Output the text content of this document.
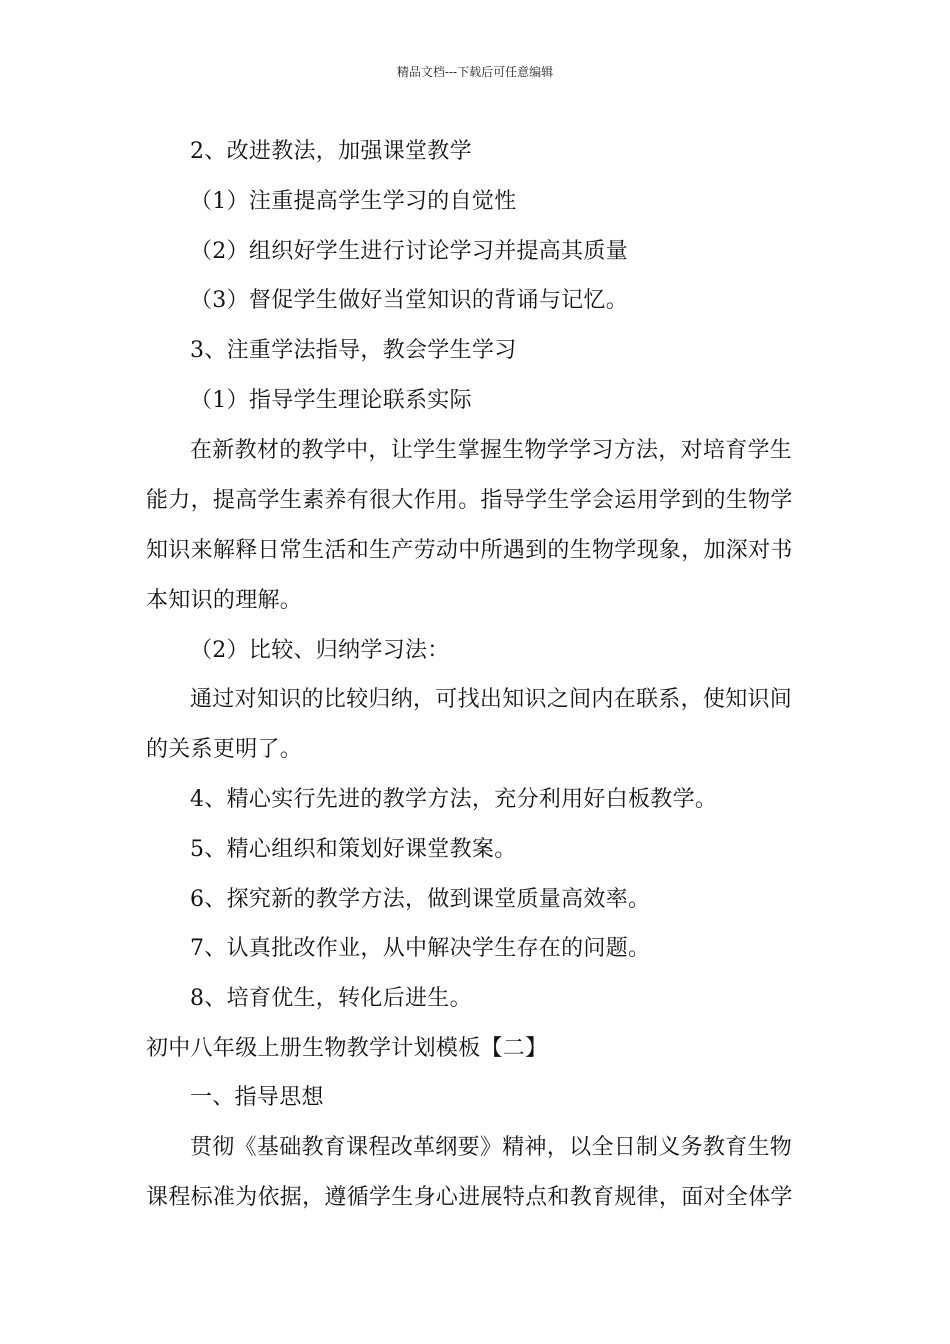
精品文档---下载后可任意编辑
2、改进教法，加强课堂教学
（1）注重提高学生学习的自觉性
（2）组织好学生进行讨论学习并提高其质量
（3）督促学生做好当堂知识的背诵与记忆。
3、注重学法指导，教会学生学习
（1）指导学生理论联系实际
在新教材的教学中，让学生掌握生物学学习方法，对培育学生
能力，提高学生素养有很大作用。指导学生学会运用学到的生物学
知识来解释日常生活和生产劳动中所遇到的生物学现象，加深对书
本知识的理解。
（2）比较、归纳学习法：
通过对知识的比较归纳，可找出知识之间内在联系，使知识间
的关系更明了。
4、精心实行先进的教学方法，充分利用好白板教学。
5、精心组织和策划好课堂教案。
6、探究新的教学方法，做到课堂质量高效率。
7、认真批改作业，从中解决学生存在的问题。
8、培育优生，转化后进生。
初中八年级上册生物教学计划模板【二】
一、指导思想
贯彻《基础教育课程改革纲要》精神，以全日制义务教育生物
课程标准为依据，遵循学生身心进展特点和教育规律，面对全体学
